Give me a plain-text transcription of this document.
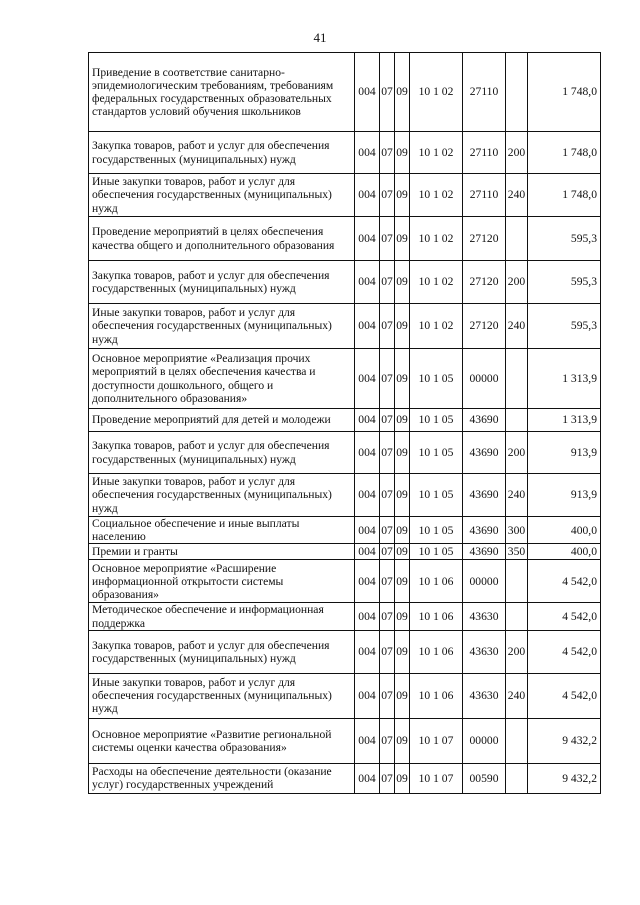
41
Приведение в соответствие санитарно-эпидемиологическим требованиям, требованиям федеральных государственных образовательных стандартов условий обучения школьников	004	07	09	10 1 02	27110		1 748,0
Закупка товаров, работ и услуг для обеспечения государственных (муниципальных) нужд	004	07	09	10 1 02	27110	200	1 748,0
Иные закупки товаров, работ и услуг для обеспечения государственных (муниципальных) нужд	004	07	09	10 1 02	27110	240	1 748,0
Проведение мероприятий в целях обеспечения качества общего и дополнительного образования	004	07	09	10 1 02	27120		595,3
Закупка товаров, работ и услуг для обеспечения государственных (муниципальных) нужд	004	07	09	10 1 02	27120	200	595,3
Иные закупки товаров, работ и услуг для обеспечения государственных (муниципальных) нужд	004	07	09	10 1 02	27120	240	595,3
Основное мероприятие «Реализация прочих мероприятий в целях обеспечения качества и доступности дошкольного, общего и дополнительного образования»	004	07	09	10 1 05	00000		1 313,9
Проведение мероприятий для детей и молодежи	004	07	09	10 1 05	43690		1 313,9
Закупка товаров, работ и услуг для обеспечения государственных (муниципальных) нужд	004	07	09	10 1 05	43690	200	913,9
Иные закупки товаров, работ и услуг для обеспечения государственных (муниципальных) нужд	004	07	09	10 1 05	43690	240	913,9
Социальное обеспечение и иные выплаты населению	004	07	09	10 1 05	43690	300	400,0
Премии и гранты	004	07	09	10 1 05	43690	350	400,0
Основное мероприятие «Расширение информационной открытости системы образования»	004	07	09	10 1 06	00000		4 542,0
Методическое обеспечение и информационная поддержка	004	07	09	10 1 06	43630		4 542,0
Закупка товаров, работ и услуг для обеспечения государственных (муниципальных) нужд	004	07	09	10 1 06	43630	200	4 542,0
Иные закупки товаров, работ и услуг для обеспечения государственных (муниципальных) нужд	004	07	09	10 1 06	43630	240	4 542,0
Основное мероприятие «Развитие региональной системы оценки качества образования»	004	07	09	10 1 07	00000		9 432,2
Расходы на обеспечение деятельности (оказание услуг) государственных учреждений	004	07	09	10 1 07	00590		9 432,2
